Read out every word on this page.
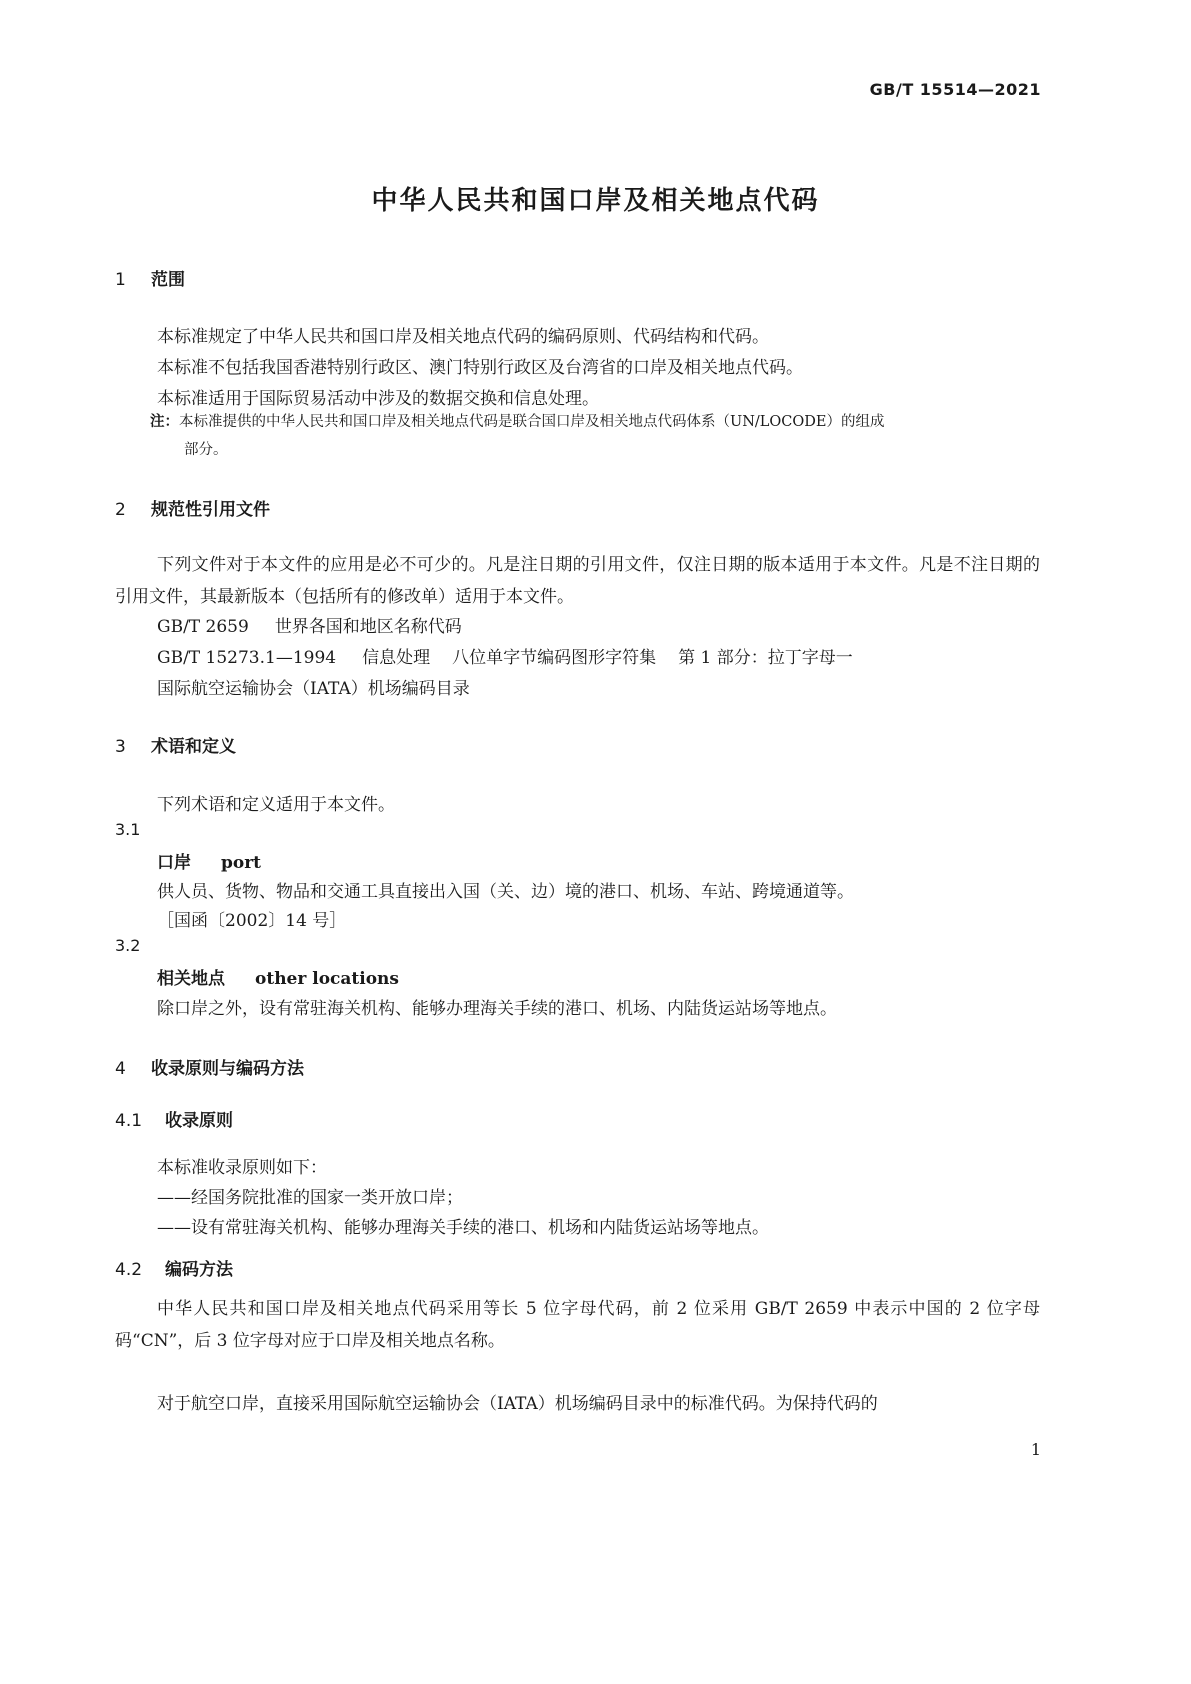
GB/T 15514—2021
中华人民共和国口岸及相关地点代码
1 范围
本标准规定了中华人民共和国口岸及相关地点代码的编码原则、代码结构和代码。
本标准不包括我国香港特别行政区、澳门特别行政区及台湾省的口岸及相关地点代码。
本标准适用于国际贸易活动中涉及的数据交换和信息处理。
注：本标准提供的中华人民共和国口岸及相关地点代码是联合国口岸及相关地点代码体系（UN/LOCODE）的组成
部分。
2 规范性引用文件
下列文件对于本文件的应用是必不可少的。凡是注日期的引用文件，仅注日期的版本适用于本文件。凡是不注日期的引用文件，其最新版本（包括所有的修改单）适用于本文件。
GB/T 2659 世界各国和地区名称代码
GB/T 15273.1—1994 信息处理 八位单字节编码图形字符集 第 1 部分：拉丁字母一
国际航空运输协会（IATA）机场编码目录
3 术语和定义
下列术语和定义适用于本文件。
3.1
口岸 port
供人员、货物、物品和交通工具直接出入国（关、边）境的港口、机场、车站、跨境通道等。
［国函〔2002〕14 号］
3.2
相关地点 other locations
除口岸之外，设有常驻海关机构、能够办理海关手续的港口、机场、内陆货运站场等地点。
4 收录原则与编码方法
4.1 收录原则
本标准收录原则如下：
——经国务院批准的国家一类开放口岸；
——设有常驻海关机构、能够办理海关手续的港口、机场和内陆货运站场等地点。
4.2 编码方法
中华人民共和国口岸及相关地点代码采用等长 5 位字母代码，前 2 位采用 GB/T 2659 中表示中国的 2 位字母码“CN”，后 3 位字母对应于口岸及相关地点名称。
对于航空口岸，直接采用国际航空运输协会（IATA）机场编码目录中的标准代码。为保持代码的
1
